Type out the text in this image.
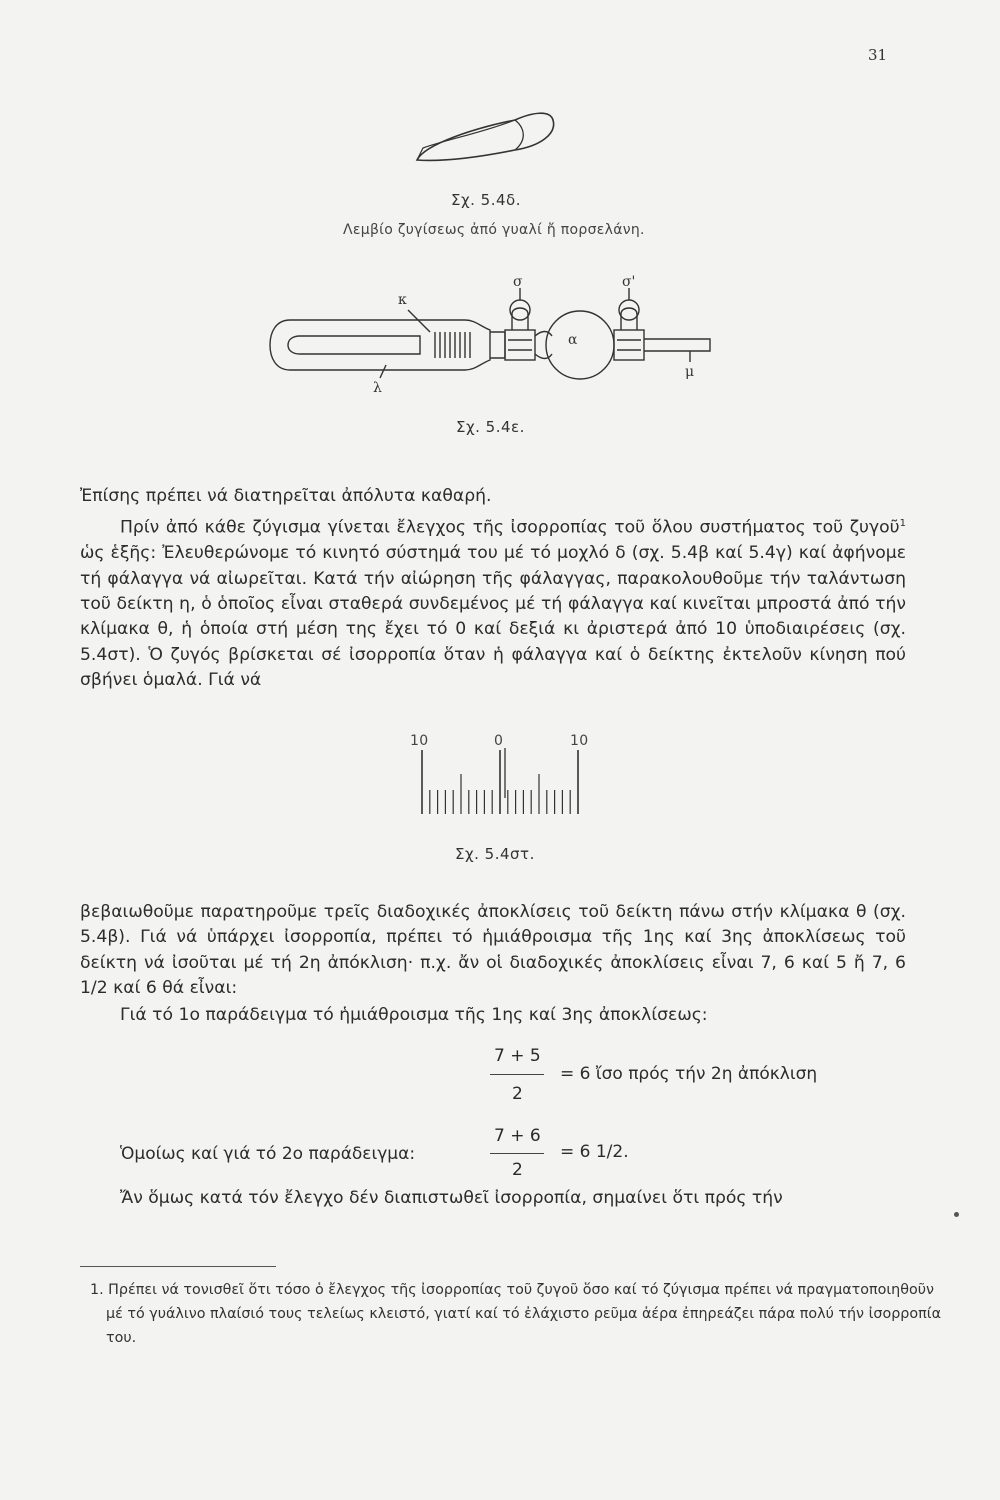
31
Σχ. 5.4δ.
Λεμβίο ζυγίσεως ἀπό γυαλί ἤ πορσελάνη.
κ
λ
σ	σ'
α
μ
Σχ. 5.4ε.

Ἐπίσης πρέπει νά διατηρεῖται ἀπόλυτα καθαρή.

Πρίν ἀπό κάθε ζύγισμα γίνεται ἔλεγχος τῆς ἰσορροπίας τοῦ ὅλου συστήματος τοῦ ζυγοῦ$^1$ ὡς ἑξῆς: Ἐλευθερώνομε τό κινητό σύστημά του μέ τό μοχλό δ (σχ. 5.4β καί 5.4γ) καί ἀφήνομε τή φάλαγγα νά αἰωρεῖται. Κατά τήν αἰώρηση τῆς φάλαγγας, παρακολουθοῦμε τήν ταλάντωση τοῦ δείκτη η, ὁ ὁποῖος εἶναι σταθερά συνδεμένος μέ τή φάλαγγα καί κινεῖται μπροστά ἀπό τήν κλίμακα θ, ἡ ὁποία στή μέση της ἔχει τό 0 καί δεξιά κι ἀριστερά ἀπό 10 ὑποδιαιρέσεις (σχ. 5.4στ). Ὁ ζυγός βρίσκεται σέ ἰσορροπία ὅταν ἡ φάλαγγα καί ὁ δείκτης ἐκτελοῦν κίνηση πού σβήνει ὁμαλά. Γιά νά

10	0	10
Σχ. 5.4στ.

βεβαιωθοῦμε παρατηροῦμε τρεῖς διαδοχικές ἀποκλίσεις τοῦ δείκτη πάνω στήν κλίμακα θ (σχ. 5.4β). Γιά νά ὑπάρχει ἰσορροπία, πρέπει τό ἡμιάθροισμα τῆς 1ης καί 3ης ἀποκλίσεως τοῦ δείκτη νά ἰσοῦται μέ τή 2η ἀπόκλιση· π.χ. ἄν οἱ διαδοχικές ἀποκλίσεις εἶναι 7, 6 καί 5 ἤ 7, 6 1/2 καί 6 θά εἶναι:

Γιά τό 1ο παράδειγμα τό ἡμιάθροισμα τῆς 1ης καί 3ης ἀποκλίσεως:

7 + 5
2
= 6 ἴσο πρός τήν 2η ἀπόκλιση
Ὁμοίως καί γιά τό 2ο παράδειγμα:
7 + 6
2
= 6 1/2.

Ἄν ὅμως κατά τόν ἔλεγχο δέν διαπιστωθεῖ ἰσορροπία, σημαίνει ὅτι πρός τήν

1. Πρέπει νά τονισθεῖ ὅτι τόσο ὁ ἔλεγχος τῆς ἰσορροπίας τοῦ ζυγοῦ ὅσο καί τό ζύγισμα πρέπει νά πραγματοποιηθοῦν μέ τό γυάλινο πλαίσιό τους τελείως κλειστό, γιατί καί τό ἐλάχιστο ρεῦμα ἀέρα ἐπηρεάζει πάρα πολύ τήν ἰσορροπία του.
